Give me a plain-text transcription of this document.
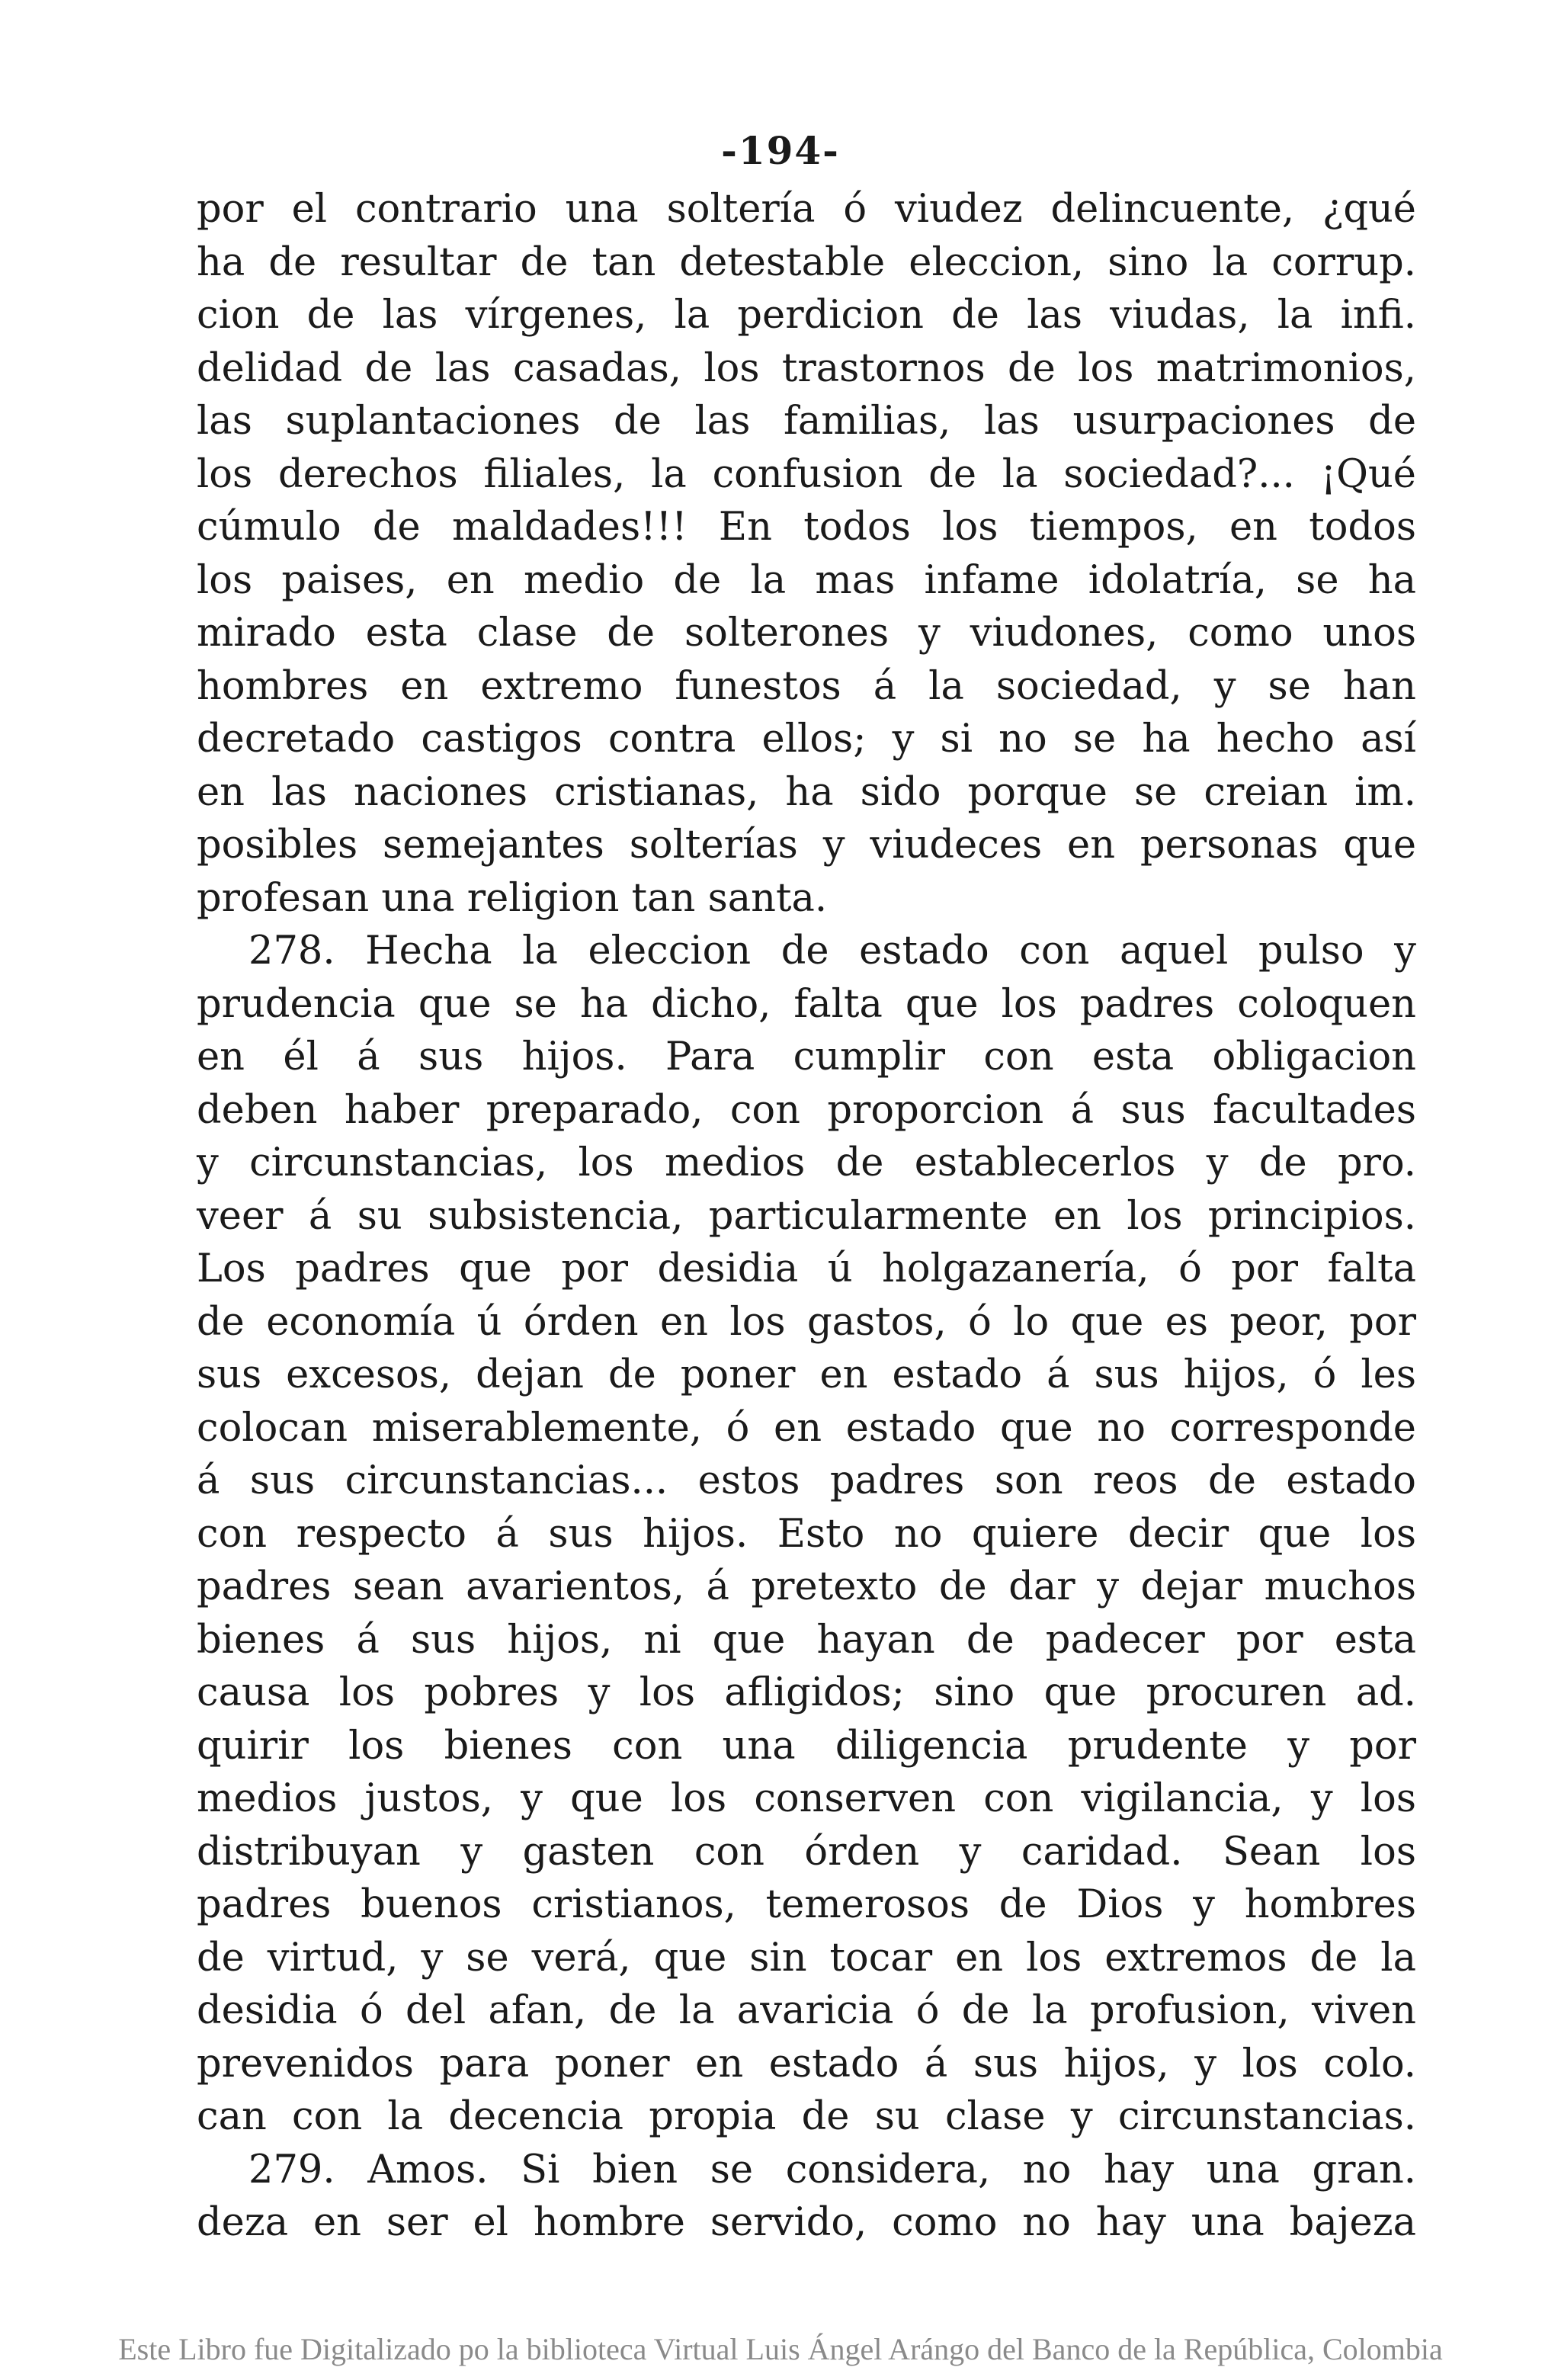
-194-
por el contrario una soltería ó viudez delincuente, ¿qué
ha de resultar de tan detestable eleccion, sino la corrup.
cion de las vírgenes, la perdicion de las viudas, la infi.
delidad de las casadas, los trastornos de los matrimonios,
las suplantaciones de las familias, las usurpaciones de
los derechos filiales, la confusion de la sociedad?... ¡Qué
cúmulo de maldades!!! En todos los tiempos, en todos
los paises, en medio de la mas infame idolatría, se ha
mirado esta clase de solterones y viudones, como unos
hombres en extremo funestos á la sociedad, y se han
decretado castigos contra ellos; y si no se ha hecho así
en las naciones cristianas, ha sido porque se creian im.
posibles semejantes solterías y viudeces en personas que
profesan una religion tan santa.
278. Hecha la eleccion de estado con aquel pulso y
prudencia que se ha dicho, falta que los padres coloquen
en él á sus hijos. Para cumplir con esta obligacion
deben haber preparado, con proporcion á sus facultades
y circunstancias, los medios de establecerlos y de pro.
veer á su subsistencia, particularmente en los principios.
Los padres que por desidia ú holgazanería, ó por falta
de economía ú órden en los gastos, ó lo que es peor, por
sus excesos, dejan de poner en estado á sus hijos, ó les
colocan miserablemente, ó en estado que no corresponde
á sus circunstancias... estos padres son reos de estado
con respecto á sus hijos. Esto no quiere decir que los
padres sean avarientos, á pretexto de dar y dejar muchos
bienes á sus hijos, ni que hayan de padecer por esta
causa los pobres y los afligidos; sino que procuren ad.
quirir los bienes con una diligencia prudente y por
medios justos, y que los conserven con vigilancia, y los
distribuyan y gasten con órden y caridad. Sean los
padres buenos cristianos, temerosos de Dios y hombres
de virtud, y se verá, que sin tocar en los extremos de la
desidia ó del afan, de la avaricia ó de la profusion, viven
prevenidos para poner en estado á sus hijos, y los colo.
can con la decencia propia de su clase y circunstancias.
279. Amos. Si bien se considera, no hay una gran.
deza en ser el hombre servido, como no hay una bajeza
Este Libro fue Digitalizado po la biblioteca Virtual Luis Ángel Arángo del Banco de la República, Colombia
